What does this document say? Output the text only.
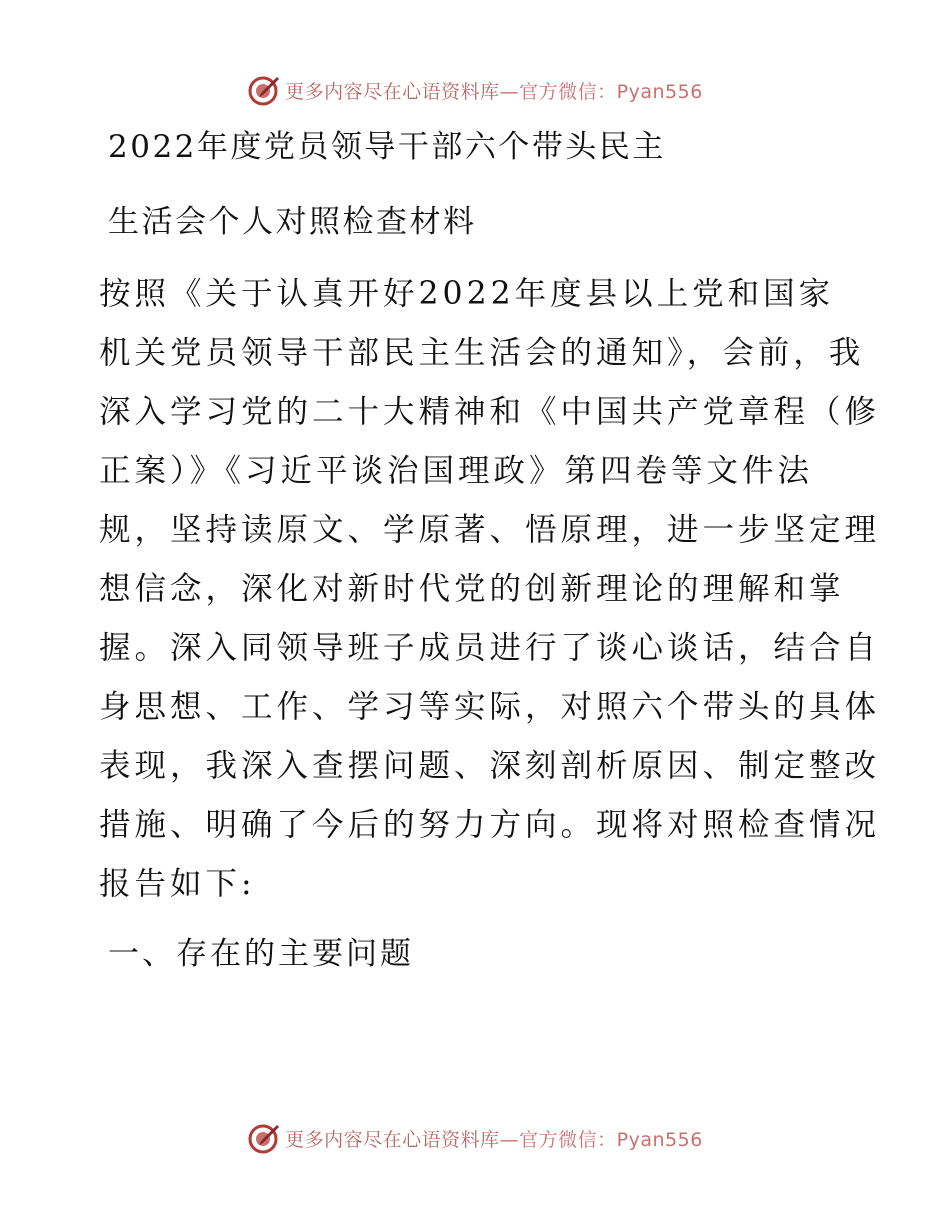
更多内容尽在心语资料库—官方微信：Pyan556
2022年度党员领导干部六个带头民主
生活会个人对照检查材料
按照《关于认真开好2022年度县以上党和国家
机关党员领导干部民主生活会的通知》，会前，我
深入学习党的二十大精神和《中国共产党章程（修
正案）》《习近平谈治国理政》第四卷等文件法
规，坚持读原文、学原著、悟原理，进一步坚定理
想信念，深化对新时代党的创新理论的理解和掌
握。深入同领导班子成员进行了谈心谈话，结合自
身思想、工作、学习等实际，对照六个带头的具体
表现，我深入查摆问题、深刻剖析原因、制定整改
措施、明确了今后的努力方向。现将对照检查情况
报告如下:
一、存在的主要问题
更多内容尽在心语资料库—官方微信：Pyan556
